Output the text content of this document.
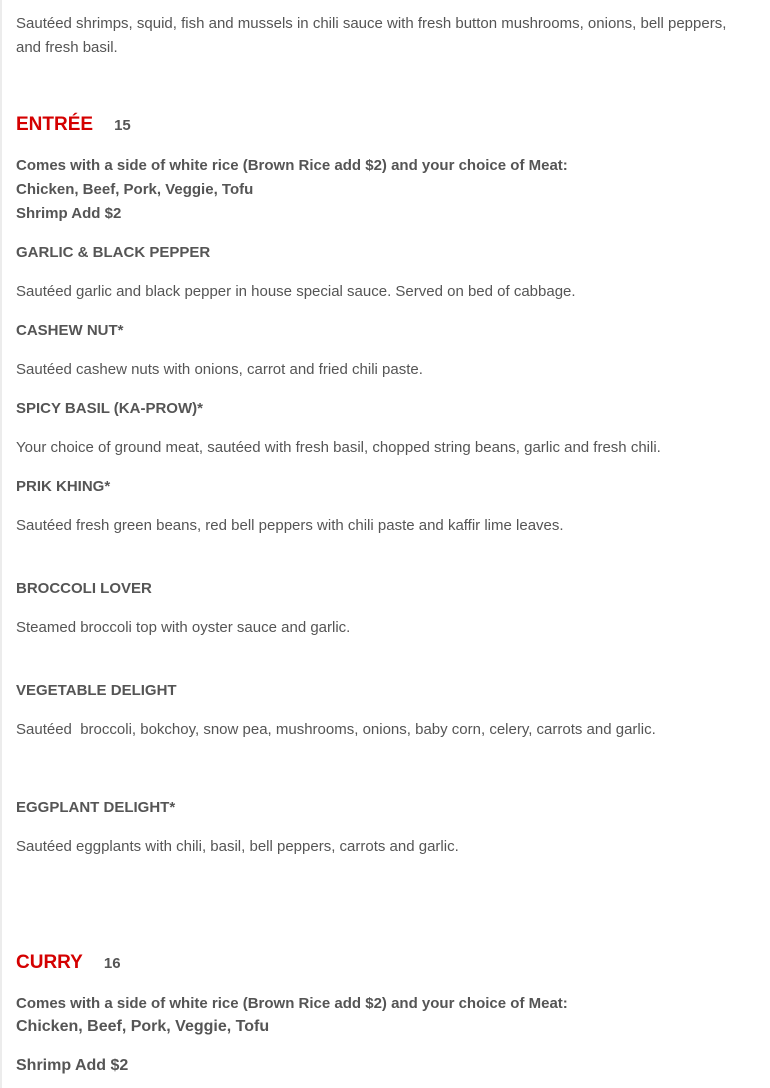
Sautéed shrimps, squid, fish and mussels in chili sauce with fresh button mushrooms, onions, bell peppers, and fresh basil.

ENTRÉE 15
Comes with a side of white rice (Brown Rice add $2) and your choice of Meat:
Chicken, Beef, Pork, Veggie, Tofu
Shrimp Add $2
GARLIC & BLACK PEPPER
Sautéed garlic and black pepper in house special sauce. Served on bed of cabbage.
CASHEW NUT*
Sautéed cashew nuts with onions, carrot and fried chili paste.
SPICY BASIL (KA-PROW)*
Your choice of ground meat, sautéed with fresh basil, chopped string beans, garlic and fresh chili.
PRIK KHING*
Sautéed fresh green beans, red bell peppers with chili paste and kaffir lime leaves.
BROCCOLI LOVER
Steamed broccoli top with oyster sauce and garlic.
VEGETABLE DELIGHT
Sautéed  broccoli, bokchoy, snow pea, mushrooms, onions, baby corn, celery, carrots and garlic.
EGGPLANT DELIGHT*
Sautéed eggplants with chili, basil, bell peppers, carrots and garlic.
CURRY 16
Comes with a side of white rice (Brown Rice add $2) and your choice of Meat:
Chicken, Beef, Pork, Veggie, Tofu
Shrimp Add $2
